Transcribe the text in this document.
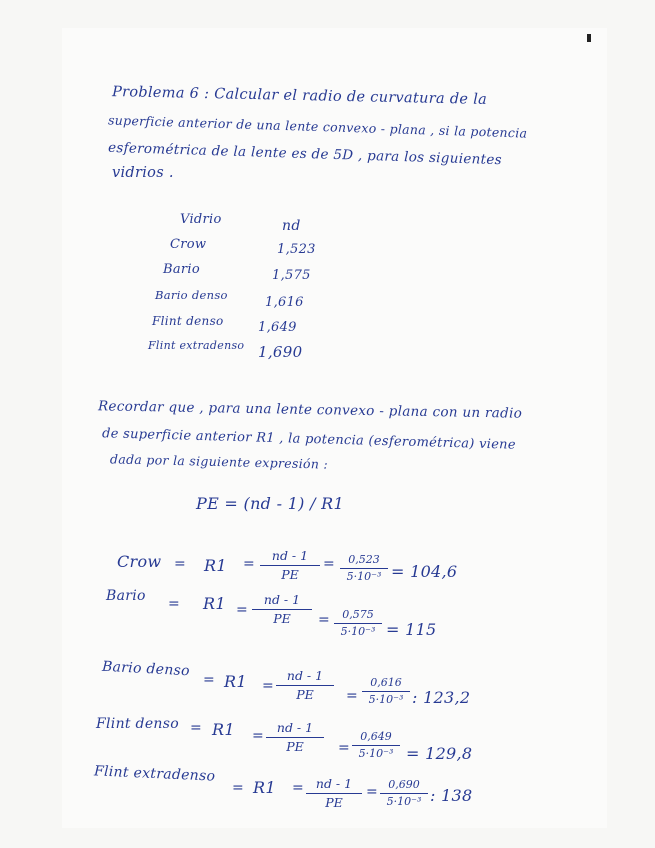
Problema 6 : Calcular el radio de curvatura de la
superficie anterior de una lente convexo - plana , si la potencia
esferométrica de la lente es de 5D , para los siguientes
vidrios .
Vidrio	nd
Crow	1,523
Bario	1,575
Bario denso	1,616
Flint denso	1,649
Flint extradenso 1,690
Recordar que , para una lente convexo - plana con un radio
de superficie anterior R1 , la potencia (esferométrica) viene
dada por la siguiente expresión :
PE = (nd - 1) / R1
Crow = R1 =
nd - 1
PE
=	0,523
5·10⁻³ = 104,6
Bario = R1 =
nd - 1
PE	=	0,575
5·10⁻³ = 115
Bario denso
= R1 =
nd - 1
PE	=
0,616
5·10⁻³ : 123,2
Flint denso = R1 =
nd - 1
PE	=
0,649
5·10⁻³ = 129,8
Flint extradenso
= R1 = nd - 1
PE
= 0,690
5·10⁻³ : 138
